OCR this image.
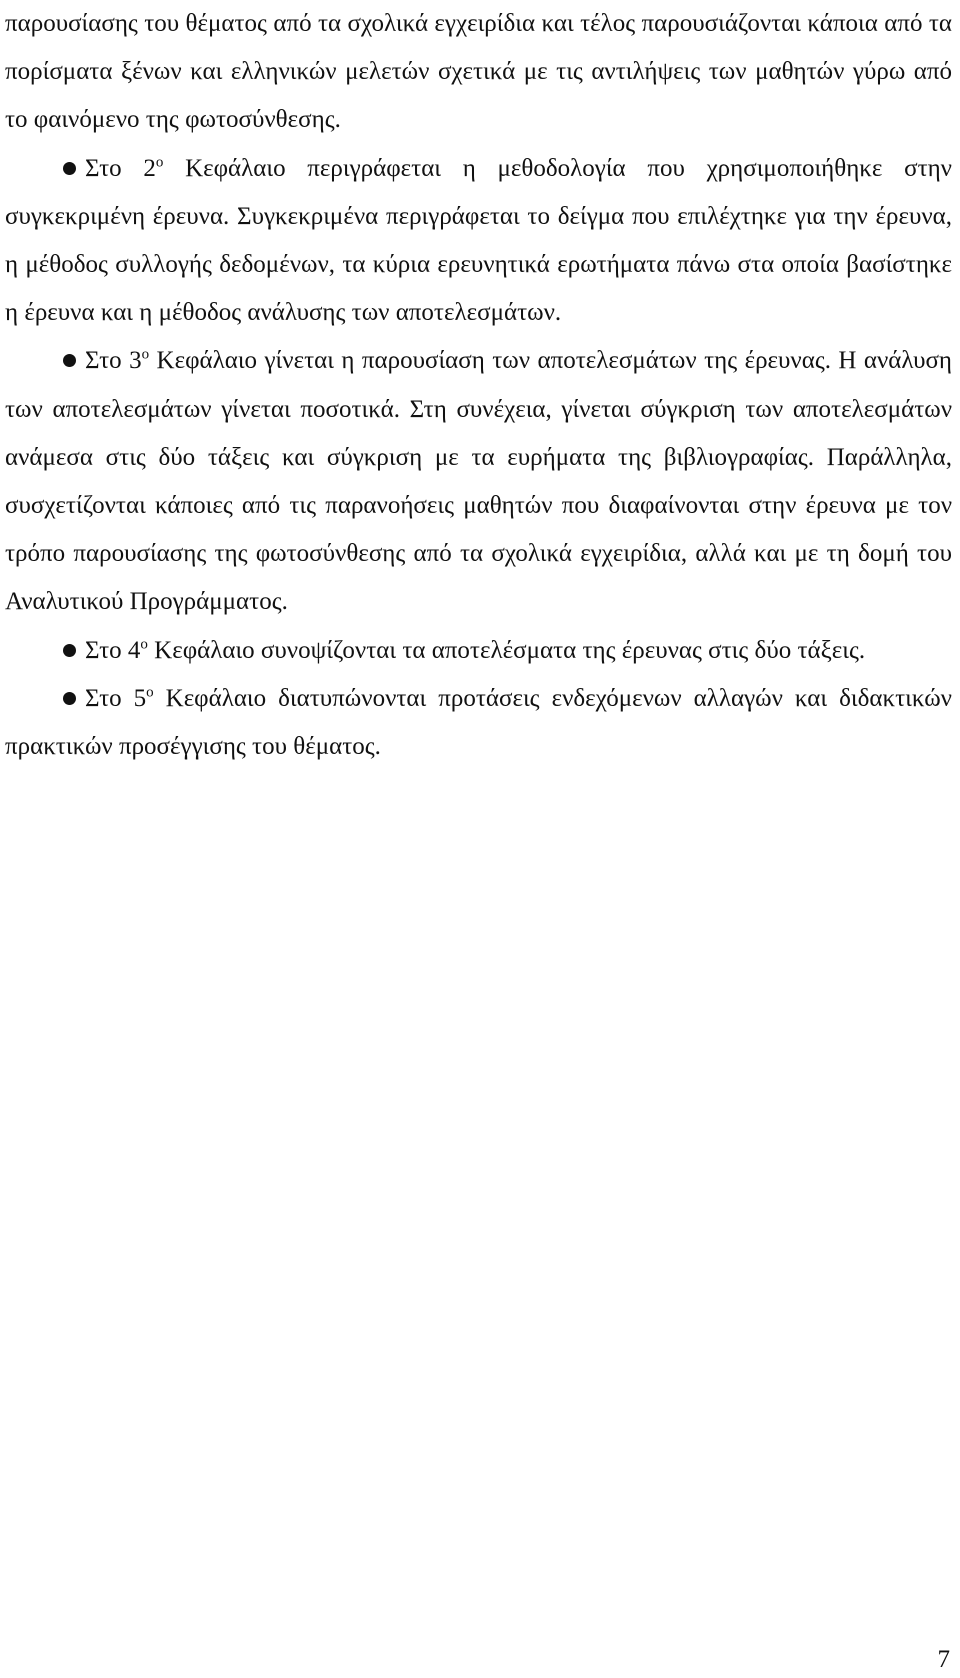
παρουσίασης του θέματος από τα σχολικά εγχειρίδια και τέλος παρουσιάζονται κάποια από τα πορίσματα ξένων και ελληνικών μελετών σχετικά με τις αντιλήψεις των μαθητών γύρω από το φαινόμενο της φωτοσύνθεσης.

Στο $2^o$ Κεφάλαιο περιγράφεται η μεθοδολογία που χρησιμοποιήθηκε στην συγκεκριμένη έρευνα. Συγκεκριμένα περιγράφεται το δείγμα που επιλέχτηκε για την έρευνα, η μέθοδος συλλογής δεδομένων, τα κύρια ερευνητικά ερωτήματα πάνω στα οποία βασίστηκε η έρευνα και η μέθοδος ανάλυσης των αποτελεσμάτων.

Στο $3^o$ Κεφάλαιο γίνεται η παρουσίαση των αποτελεσμάτων της έρευνας. Η ανάλυση των αποτελεσμάτων γίνεται ποσοτικά. Στη συνέχεια, γίνεται σύγκριση των αποτελεσμάτων ανάμεσα στις δύο τάξεις και σύγκριση με τα ευρήματα της βιβλιογραφίας. Παράλληλα, συσχετίζονται κάποιες από τις παρανοήσεις μαθητών που διαφαίνονται στην έρευνα με τον τρόπο παρουσίασης της φωτοσύνθεσης από τα σχολικά εγχειρίδια, αλλά και με τη δομή του Αναλυτικού Προγράμματος.

Στο $4^o$ Κεφάλαιο συνοψίζονται τα αποτελέσματα της έρευνας στις δύο τάξεις.

Στο $5^o$ Κεφάλαιο διατυπώνονται προτάσεις ενδεχόμενων αλλαγών και διδακτικών πρακτικών προσέγγισης του θέματος.

7
